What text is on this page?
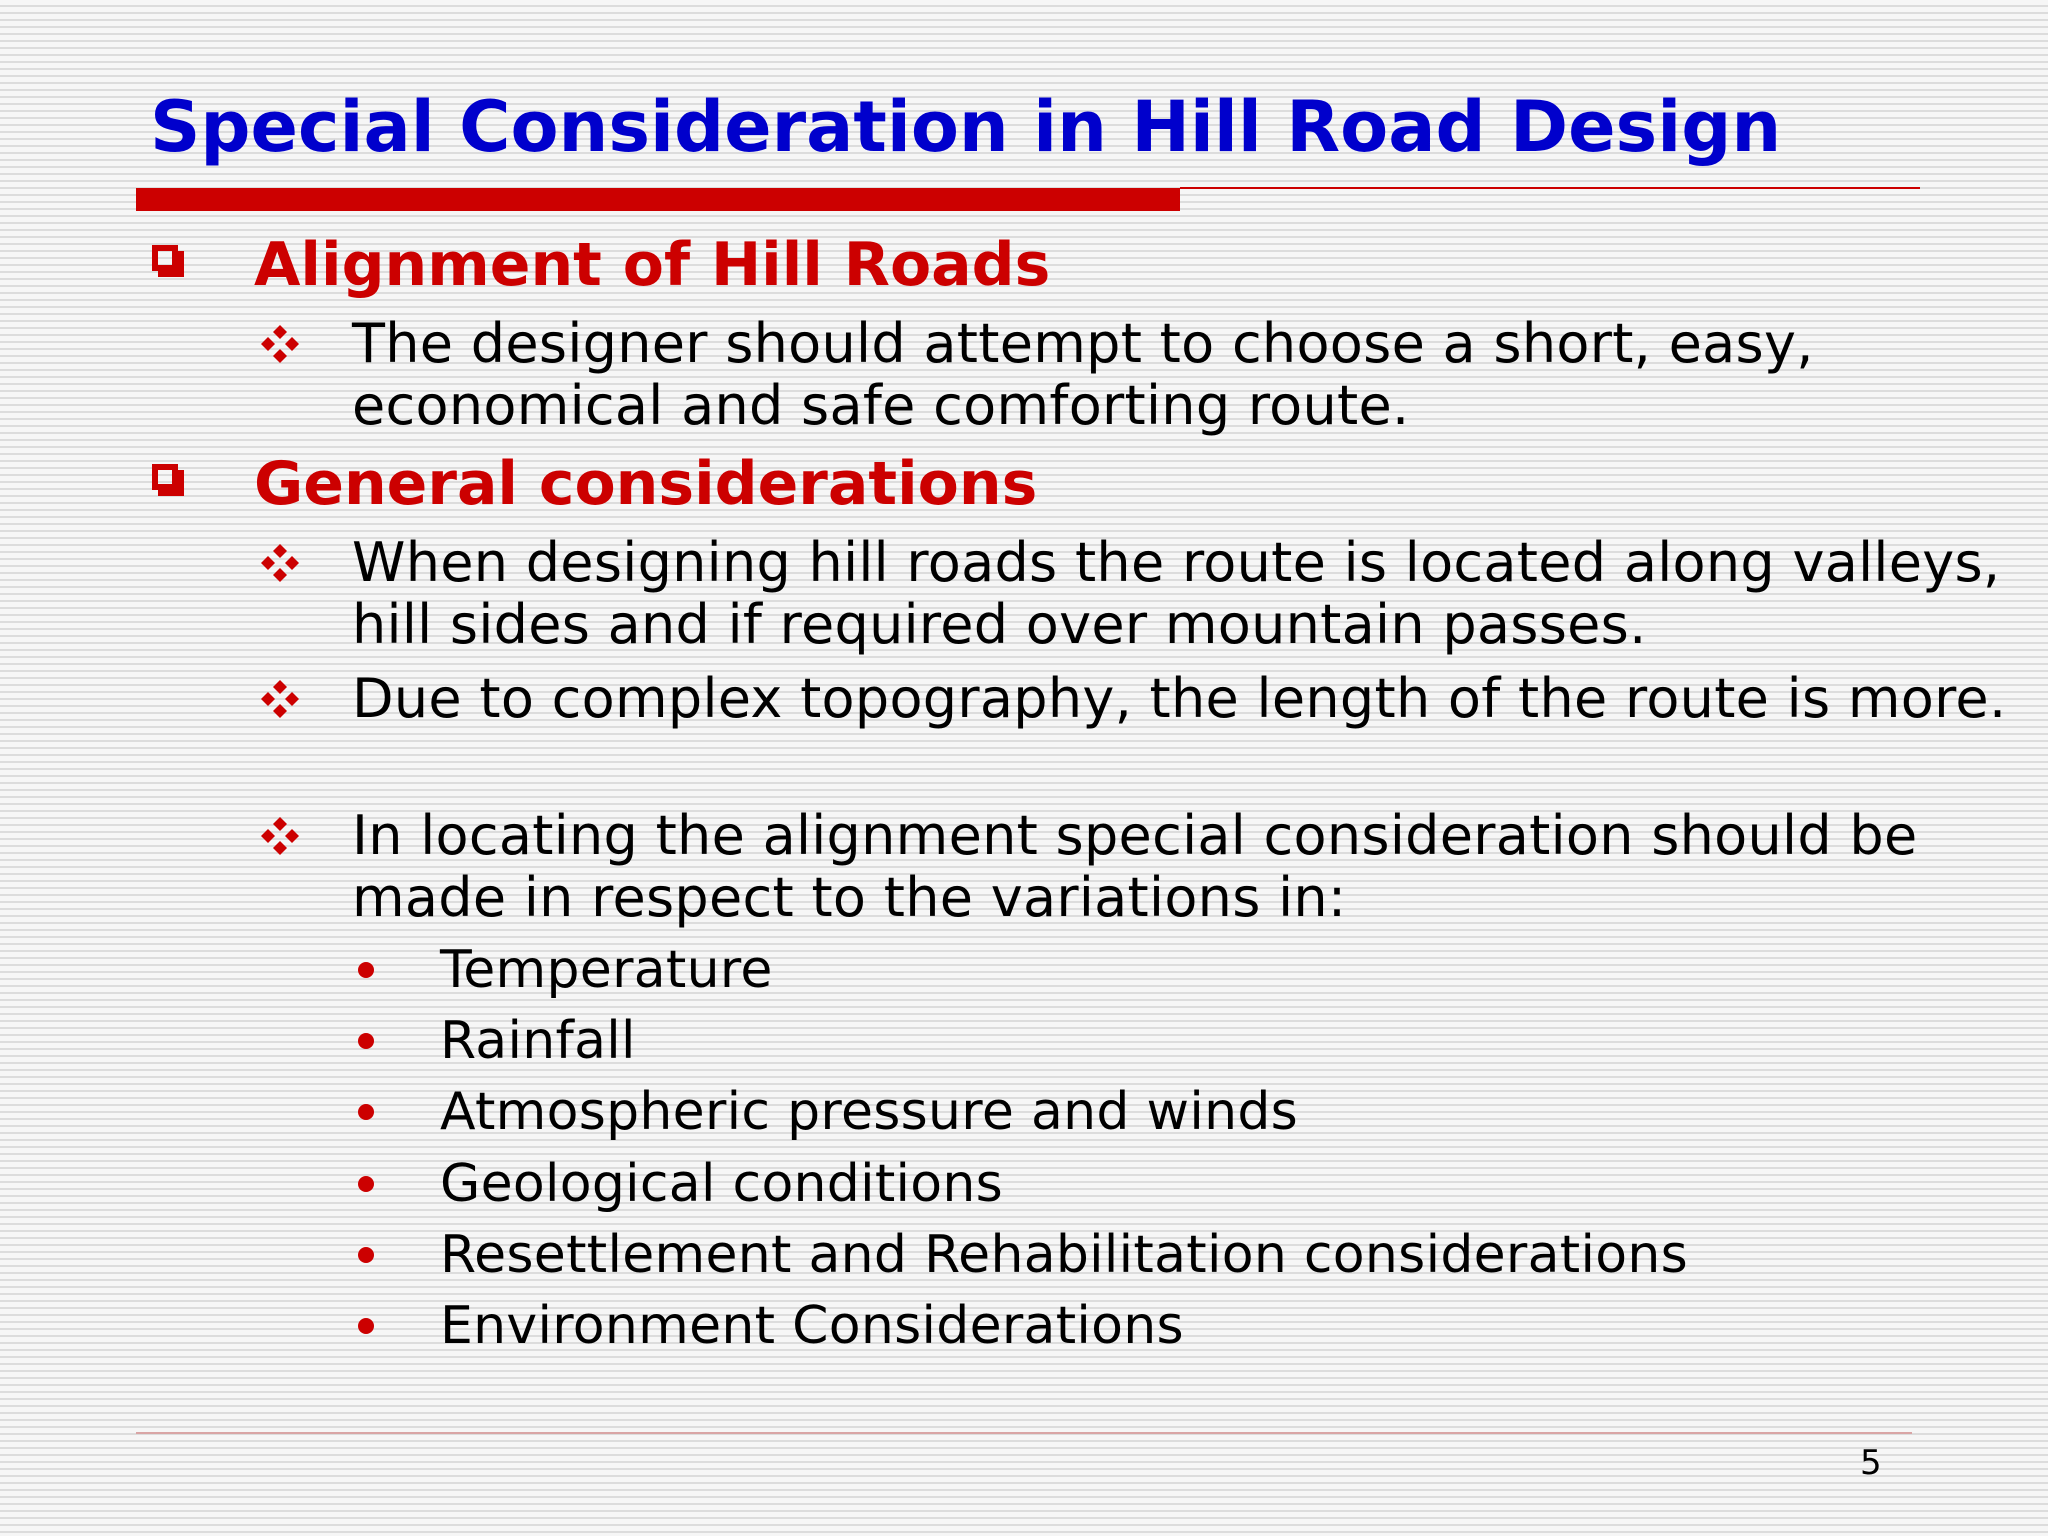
Special Consideration in Hill Road Design
Alignment of Hill Roads
The designer should attempt to choose a short, easy, economical and safe comforting route.
General considerations
When designing hill roads the route is located along valleys, hill sides and if required over mountain passes.
Due to complex topography, the length of the route is more.
In locating the alignment special consideration should be made in respect to the variations in:
Temperature
Rainfall
Atmospheric pressure and winds
Geological conditions
Resettlement and Rehabilitation considerations
Environment Considerations
5
